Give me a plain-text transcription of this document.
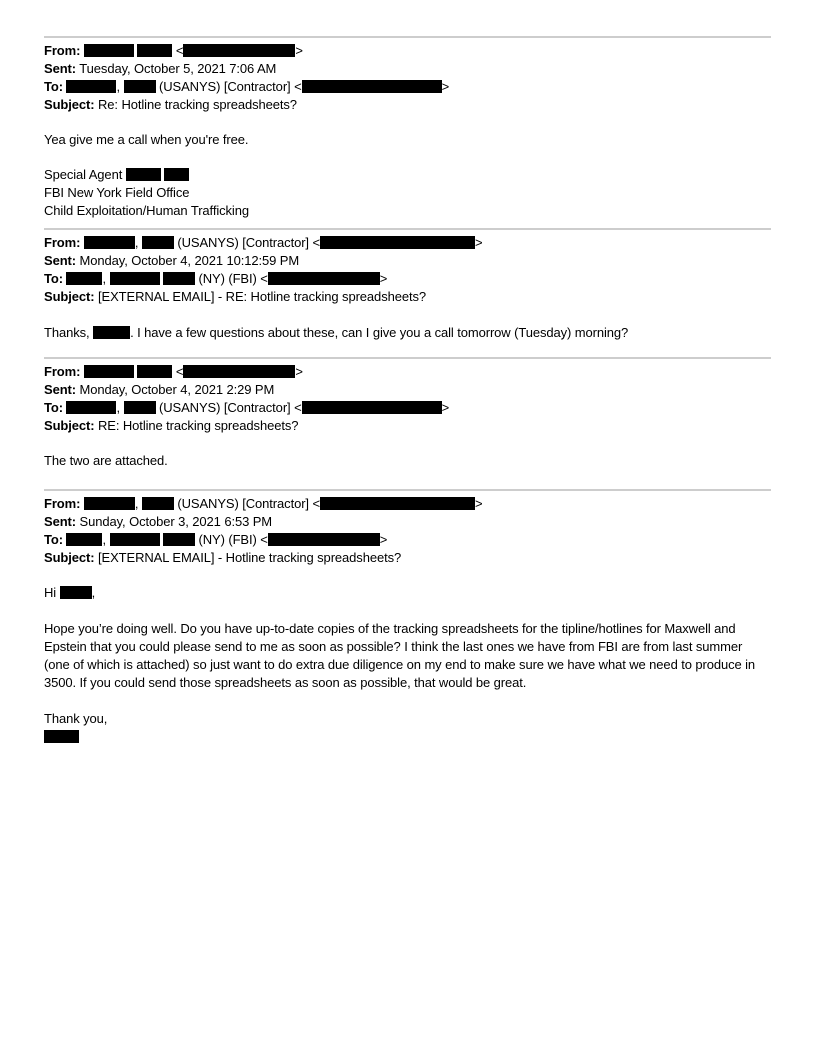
From:	<	>

Sent: Tuesday, October 5, 2021 7:06 AM

To:	,  (USANYS) [Contractor] <	>

Subject: Re: Hotline tracking spreadsheets?

Yea give me a call when you're free.

Special Agent

FBI New York Field Office

Child Exploitation/Human Trafficking

From:	,  (USANYS) [Contractor] <	>

Sent: Monday, October 4, 2021 10:12:59 PM

To:	,	(NY) (FBI) <	>

Subject: [EXTERNAL EMAIL] - RE: Hotline tracking spreadsheets?

Thanks,	. I have a few questions about these, can I give you a call tomorrow (Tuesday) morning?

From:	<	>

Sent: Monday, October 4, 2021 2:29 PM

To:	,  (USANYS) [Contractor] <	>

Subject: RE: Hotline tracking spreadsheets?

The two are attached.

From:	,  (USANYS) [Contractor] <	>

Sent: Sunday, October 3, 2021 6:53 PM

To:	,	(NY) (FBI) <	>

Subject: [EXTERNAL EMAIL] - Hotline tracking spreadsheets?

Hi ,

Hope you’re doing well. Do you have up-to-date copies of the tracking spreadsheets for the tipline/hotlines for Maxwell and Epstein that you could please send to me as soon as possible? I think the last ones we have from FBI are from last summer (one of which is attached) so just want to do extra due diligence on my end to make sure we have what we need to produce in 3500. If you could send those spreadsheets as soon as possible, that would be great.

Thank you,
